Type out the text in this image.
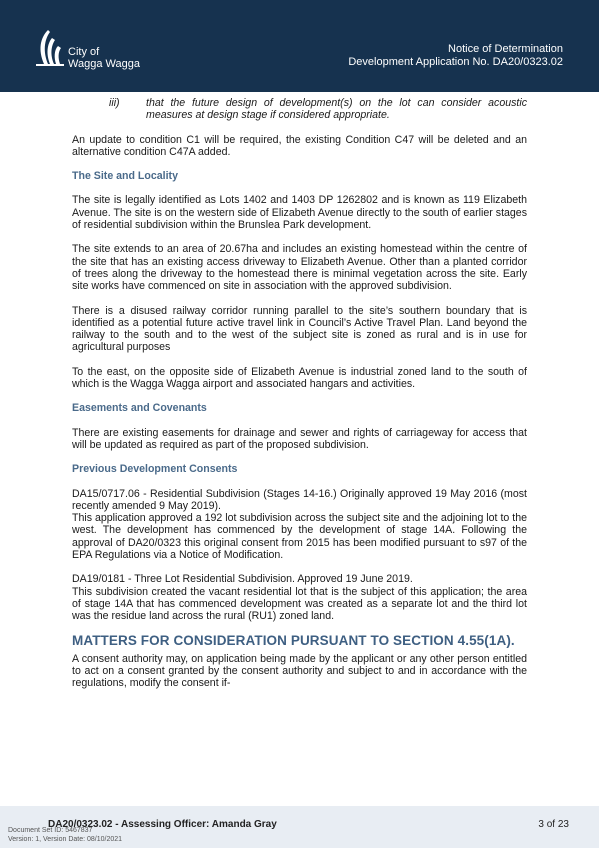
City of
Wagga Wagga
Notice of Determination
Development Application No. DA20/0323.02
iii)	that the future design of development(s) on the lot can consider acoustic measures at design stage if considered appropriate.

An update to condition C1 will be required, the existing Condition C47 will be deleted and an alternative condition C47A added.

The Site and Locality

The site is legally identified as Lots 1402 and 1403 DP 1262802 and is known as 119 Elizabeth Avenue. The site is on the western side of Elizabeth Avenue directly to the south of earlier stages of residential subdivision within the Brunslea Park development.

The site extends to an area of 20.67ha and includes an existing homestead within the centre of the site that has an existing access driveway to Elizabeth Avenue. Other than a planted corridor of trees along the driveway to the homestead there is minimal vegetation across the site. Early site works have commenced on site in association with the approved subdivision.

There is a disused railway corridor running parallel to the site’s southern boundary that is identified as a potential future active travel link in Council’s Active Travel Plan. Land beyond the railway to the south and to the west of the subject site is zoned as rural and is in use for agricultural purposes

To the east, on the opposite side of Elizabeth Avenue is industrial zoned land to the south of which is the Wagga Wagga airport and associated hangars and activities.

Easements and Covenants

There are existing easements for drainage and sewer and rights of carriageway for access that will be updated as required as part of the proposed subdivision.

Previous Development Consents

DA15/0717.06 - Residential Subdivision (Stages 14-16.) Originally approved 19 May 2016 (most recently amended 9 May 2019).
This application approved a 192 lot subdivision across the subject site and the adjoining lot to the west. The development has commenced by the development of stage 14A. Following the approval of DA20/0323 this original consent from 2015 has been modified pursuant to s97 of the EPA Regulations via a Notice of Modification.

DA19/0181 - Three Lot Residential Subdivision. Approved 19 June 2019.
This subdivision created the vacant residential lot that is the subject of this application; the area of stage 14A that has commenced development was created as a separate lot and the third lot was the residue land across the rural (RU1) zoned land.

MATTERS FOR CONSIDERATION PURSUANT TO SECTION 4.55(1A).

A consent authority may, on application being made by the applicant or any other person entitled to act on a consent granted by the consent authority and subject to and in accordance with the regulations, modify the consent if-

DA20/0323.02 - Assessing Officer: Amanda Gray	3 of 23
Document Set ID: 5467837
Version: 1, Version Date: 08/10/2021
